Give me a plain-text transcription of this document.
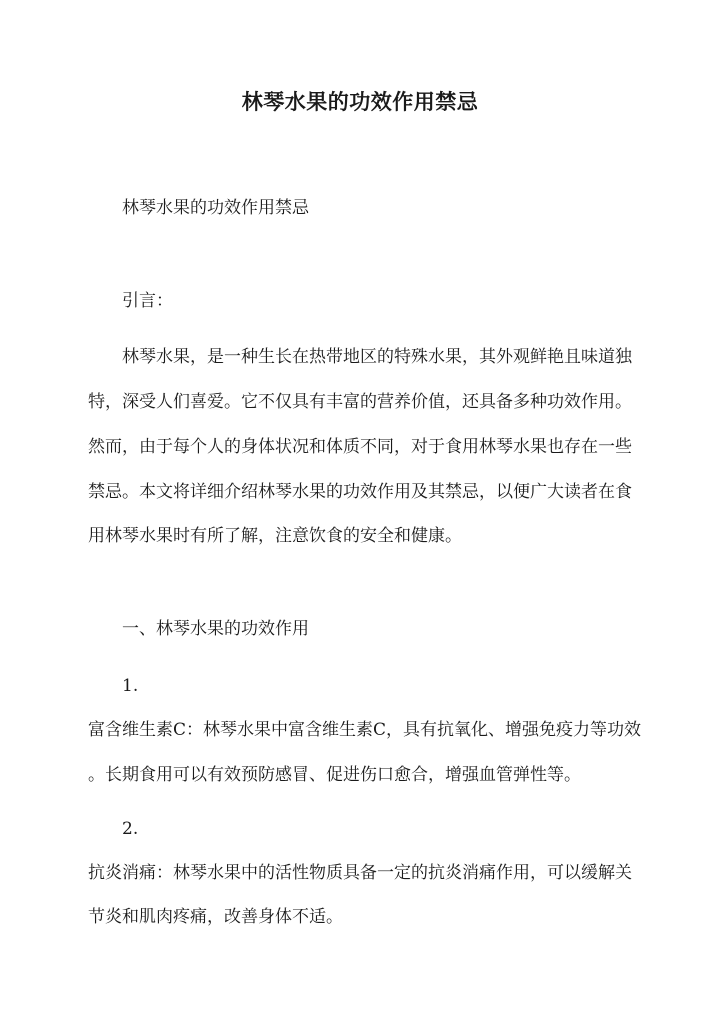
林琴水果的功效作用禁忌
林琴水果的功效作用禁忌
引言：
林琴水果，是一种生长在热带地区的特殊水果，其外观鲜艳且味道独
特，深受人们喜爱。它不仅具有丰富的营养价值，还具备多种功效作用。
然而，由于每个人的身体状况和体质不同，对于食用林琴水果也存在一些
禁忌。本文将详细介绍林琴水果的功效作用及其禁忌，以便广大读者在食
用林琴水果时有所了解，注意饮食的安全和健康。
一、林琴水果的功效作用
1.
富含维生素C：林琴水果中富含维生素C，具有抗氧化、增强免疫力等功效
。长期食用可以有效预防感冒、促进伤口愈合，增强血管弹性等。
2.
抗炎消痛：林琴水果中的活性物质具备一定的抗炎消痛作用，可以缓解关
节炎和肌肉疼痛，改善身体不适。
